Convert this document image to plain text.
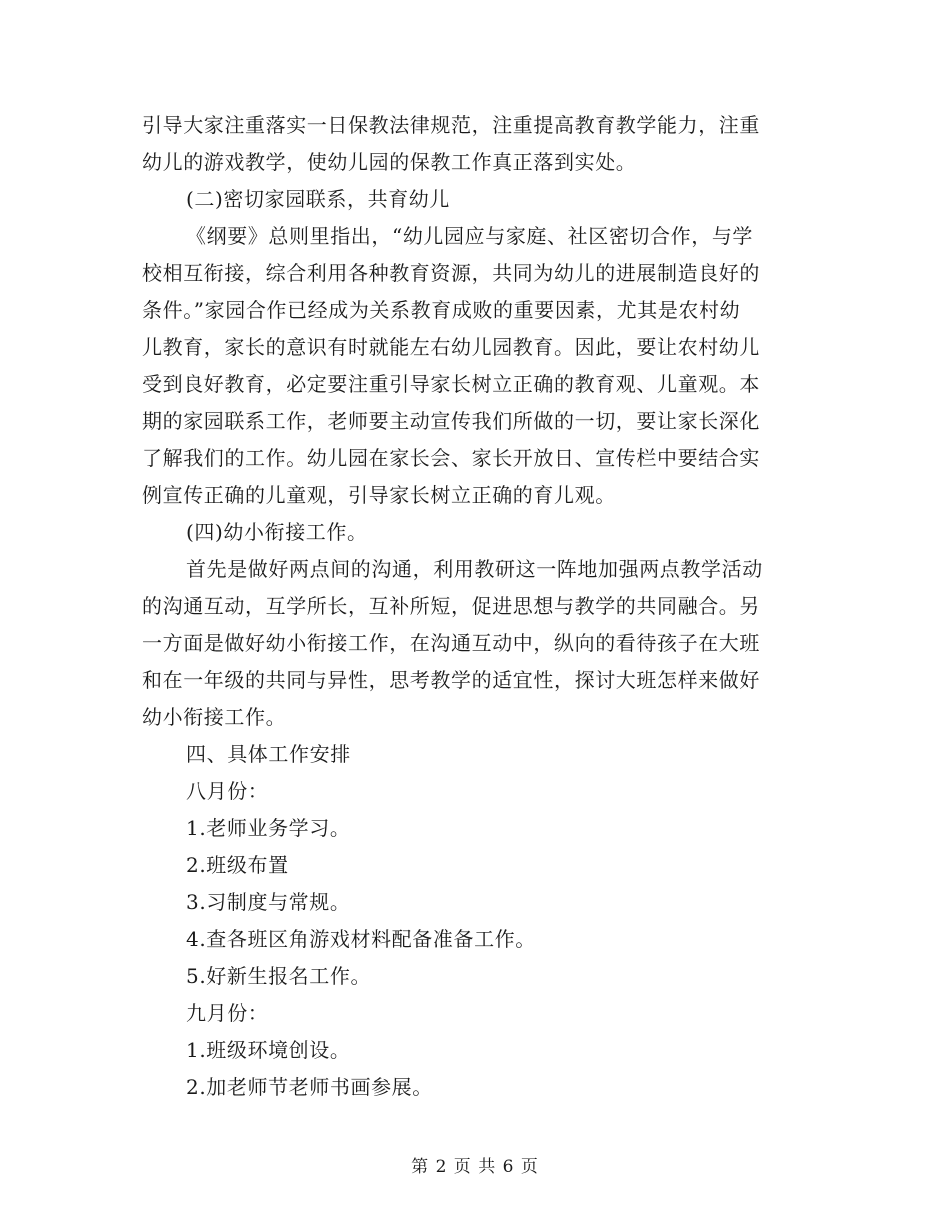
引导大家注重落实一日保教法律规范，注重提高教育教学能力，注重
幼儿的游戏教学，使幼儿园的保教工作真正落到实处。
(二)密切家园联系，共育幼儿
《纲要》总则里指出，“幼儿园应与家庭、社区密切合作，与学
校相互衔接，综合利用各种教育资源，共同为幼儿的进展制造良好的
条件。”家园合作已经成为关系教育成败的重要因素，尤其是农村幼
儿教育，家长的意识有时就能左右幼儿园教育。因此，要让农村幼儿
受到良好教育，必定要注重引导家长树立正确的教育观、儿童观。本
期的家园联系工作，老师要主动宣传我们所做的一切，要让家长深化
了解我们的工作。幼儿园在家长会、家长开放日、宣传栏中要结合实
例宣传正确的儿童观，引导家长树立正确的育儿观。
(四)幼小衔接工作。
首先是做好两点间的沟通，利用教研这一阵地加强两点教学活动
的沟通互动，互学所长，互补所短，促进思想与教学的共同融合。另
一方面是做好幼小衔接工作，在沟通互动中，纵向的看待孩子在大班
和在一年级的共同与异性，思考教学的适宜性，探讨大班怎样来做好
幼小衔接工作。
四、具体工作安排
八月份：
1.老师业务学习。
2.班级布置
3.习制度与常规。
4.查各班区角游戏材料配备准备工作。
5.好新生报名工作。
九月份：
1.班级环境创设。
2.加老师节老师书画参展。
第 2 页 共 6 页
